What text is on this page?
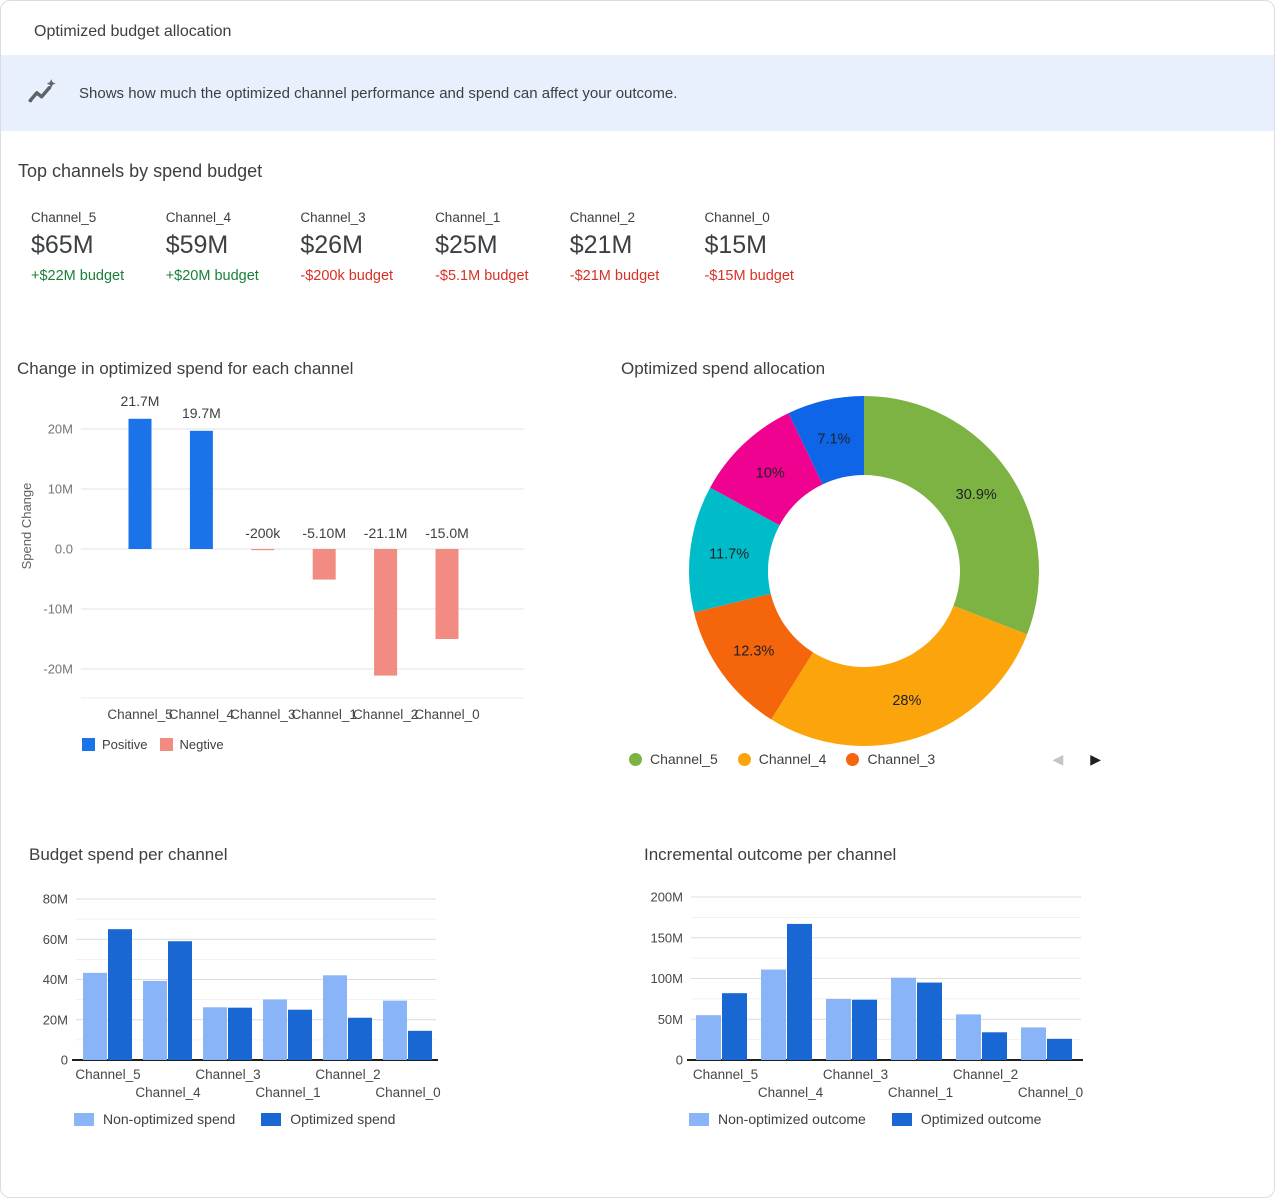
Optimized budget allocation
Shows how much the optimized channel performance and spend can affect your outcome.
Top channels by spend budget
Channel_5
$65M
+$22M budget
Channel_4
$59M
+$20M budget
Channel_3
$26M
-$200k budget
Channel_1
$25M
-$5.1M budget
Channel_2
$21M
-$21M budget
Channel_0
$15M
-$15M budget
Change in optimized spend for each channel
20M
10M
0.0
-10M
-20M
Spend Change
21.7M
Channel_5
19.7M
Channel_4
-200k
Channel_3
-5.10M
Channel_1
-21.1M
Channel_2
-15.0M
Channel_0
Positive Negtive
Optimized spend allocation
30.9%
28%
12.3%
11.7%
10%
7.1%
Channel_5	Channel_4	Channel_3	◀ ▶
Budget spend per channel
0
20M
40M
60M
80M
Channel_5
Channel_4
Channel_3
Channel_1
Channel_2
Channel_0
Non-optimized spend	Optimized spend
Incremental outcome per channel
0
50M
100M
150M
200M
Channel_5
Channel_4
Channel_3
Channel_1
Channel_2
Channel_0
Non-optimized outcome	Optimized outcome
